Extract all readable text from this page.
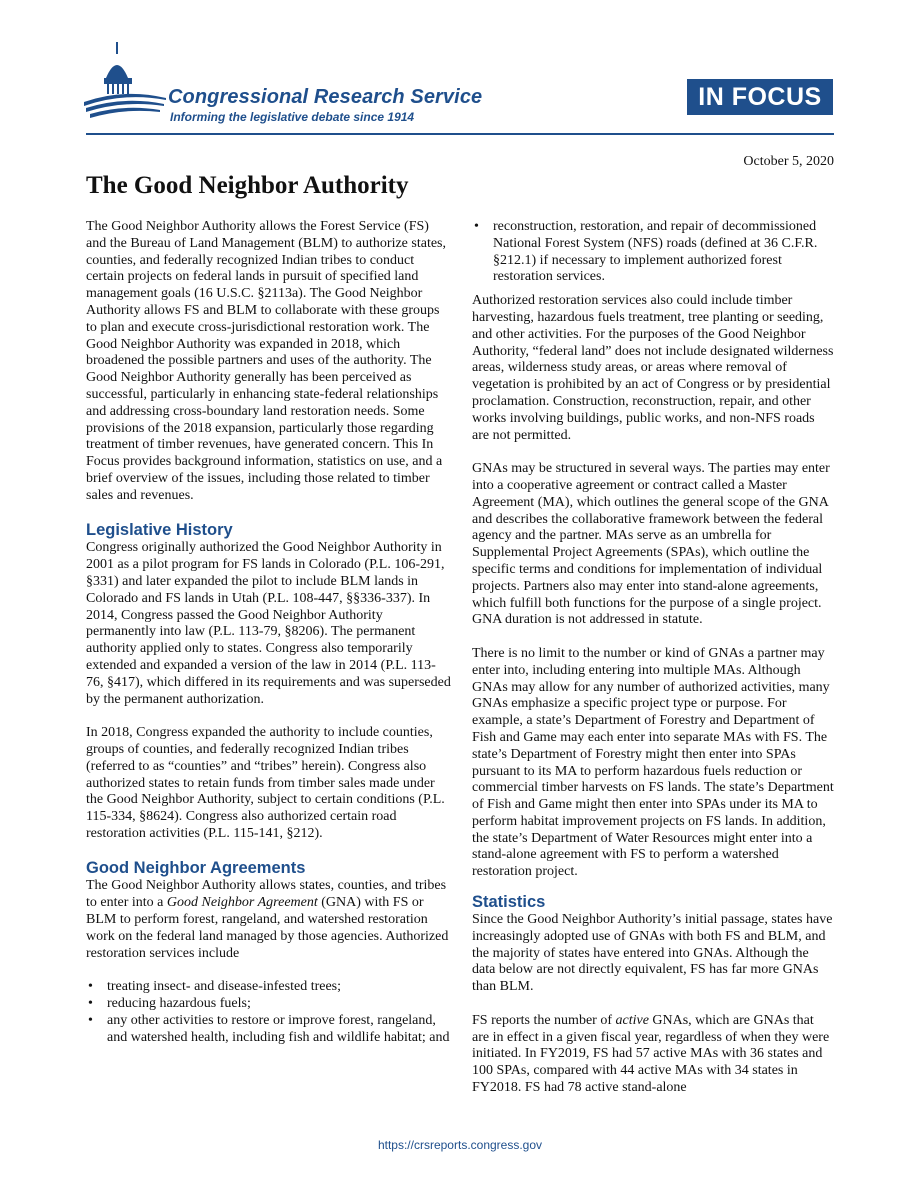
Congressional Research Service
Informing the legislative debate since 1914
IN FOCUS
October 5, 2020
The Good Neighbor Authority

The Good Neighbor Authority allows the Forest Service (FS) and the Bureau of Land Management (BLM) to authorize states, counties, and federally recognized Indian tribes to conduct certain projects on federal lands in pursuit of specified land management goals (16 U.S.C. §2113a). The Good Neighbor Authority allows FS and BLM to collaborate with these groups to plan and execute cross-jurisdictional restoration work. The Good Neighbor Authority was expanded in 2018, which broadened the possible partners and uses of the authority. The Good Neighbor Authority generally has been perceived as successful, particularly in enhancing state-federal relationships and addressing cross-boundary land restoration needs. Some provisions of the 2018 expansion, particularly those regarding treatment of timber revenues, have generated concern. This In Focus provides background information, statistics on use, and a brief overview of the issues, including those related to timber sales and revenues.

Legislative History

Congress originally authorized the Good Neighbor Authority in 2001 as a pilot program for FS lands in Colorado (P.L. 106-291, §331) and later expanded the pilot to include BLM lands in Colorado and FS lands in Utah (P.L. 108-447, §§336-337). In 2014, Congress passed the Good Neighbor Authority permanently into law (P.L. 113-79, §8206). The permanent authority applied only to states. Congress also temporarily extended and expanded a version of the law in 2014 (P.L. 113-76, §417), which differed in its requirements and was superseded by the permanent authorization.

In 2018, Congress expanded the authority to include counties, groups of counties, and federally recognized Indian tribes (referred to as “counties” and “tribes” herein). Congress also authorized states to retain funds from timber sales made under the Good Neighbor Authority, subject to certain conditions (P.L. 115-334, §8624). Congress also authorized certain road restoration activities (P.L. 115-141, §212).

Good Neighbor Agreements

The Good Neighbor Authority allows states, counties, and tribes to enter into a Good Neighbor Agreement (GNA) with FS or BLM to perform forest, rangeland, and watershed restoration work on the federal land managed by those agencies. Authorized restoration services include

• treating insect- and disease-infested trees;
• reducing hazardous fuels;
• any other activities to restore or improve forest, rangeland, and watershed health, including fish and wildlife habitat; and
• reconstruction, restoration, and repair of decommissioned National Forest System (NFS) roads (defined at 36 C.F.R. §212.1) if necessary to implement authorized forest restoration services.

Authorized restoration services also could include timber harvesting, hazardous fuels treatment, tree planting or seeding, and other activities. For the purposes of the Good Neighbor Authority, “federal land” does not include designated wilderness areas, wilderness study areas, or areas where removal of vegetation is prohibited by an act of Congress or by presidential proclamation. Construction, reconstruction, repair, and other works involving buildings, public works, and non-NFS roads are not permitted.

GNAs may be structured in several ways. The parties may enter into a cooperative agreement or contract called a Master Agreement (MA), which outlines the general scope of the GNA and describes the collaborative framework between the federal agency and the partner. MAs serve as an umbrella for Supplemental Project Agreements (SPAs), which outline the specific terms and conditions for implementation of individual projects. Partners also may enter into stand-alone agreements, which fulfill both functions for the purpose of a single project. GNA duration is not addressed in statute.

There is no limit to the number or kind of GNAs a partner may enter into, including entering into multiple MAs. Although GNAs may allow for any number of authorized activities, many GNAs emphasize a specific project type or purpose. For example, a state’s Department of Forestry and Department of Fish and Game may each enter into separate MAs with FS. The state’s Department of Forestry might then enter into SPAs pursuant to its MA to perform hazardous fuels reduction or commercial timber harvests on FS lands. The state’s Department of Fish and Game might then enter into SPAs under its MA to perform habitat improvement projects on FS lands. In addition, the state’s Department of Water Resources might enter into a stand-alone agreement with FS to perform a watershed restoration project.

Statistics

Since the Good Neighbor Authority’s initial passage, states have increasingly adopted use of GNAs with both FS and BLM, and the majority of states have entered into GNAs. Although the data below are not directly equivalent, FS has far more GNAs than BLM.

FS reports the number of active GNAs, which are GNAs that are in effect in a given fiscal year, regardless of when they were initiated. In FY2019, FS had 57 active MAs with 36 states and 100 SPAs, compared with 44 active MAs with 34 states in FY2018. FS had 78 active stand-alone

https://crsreports.congress.gov
